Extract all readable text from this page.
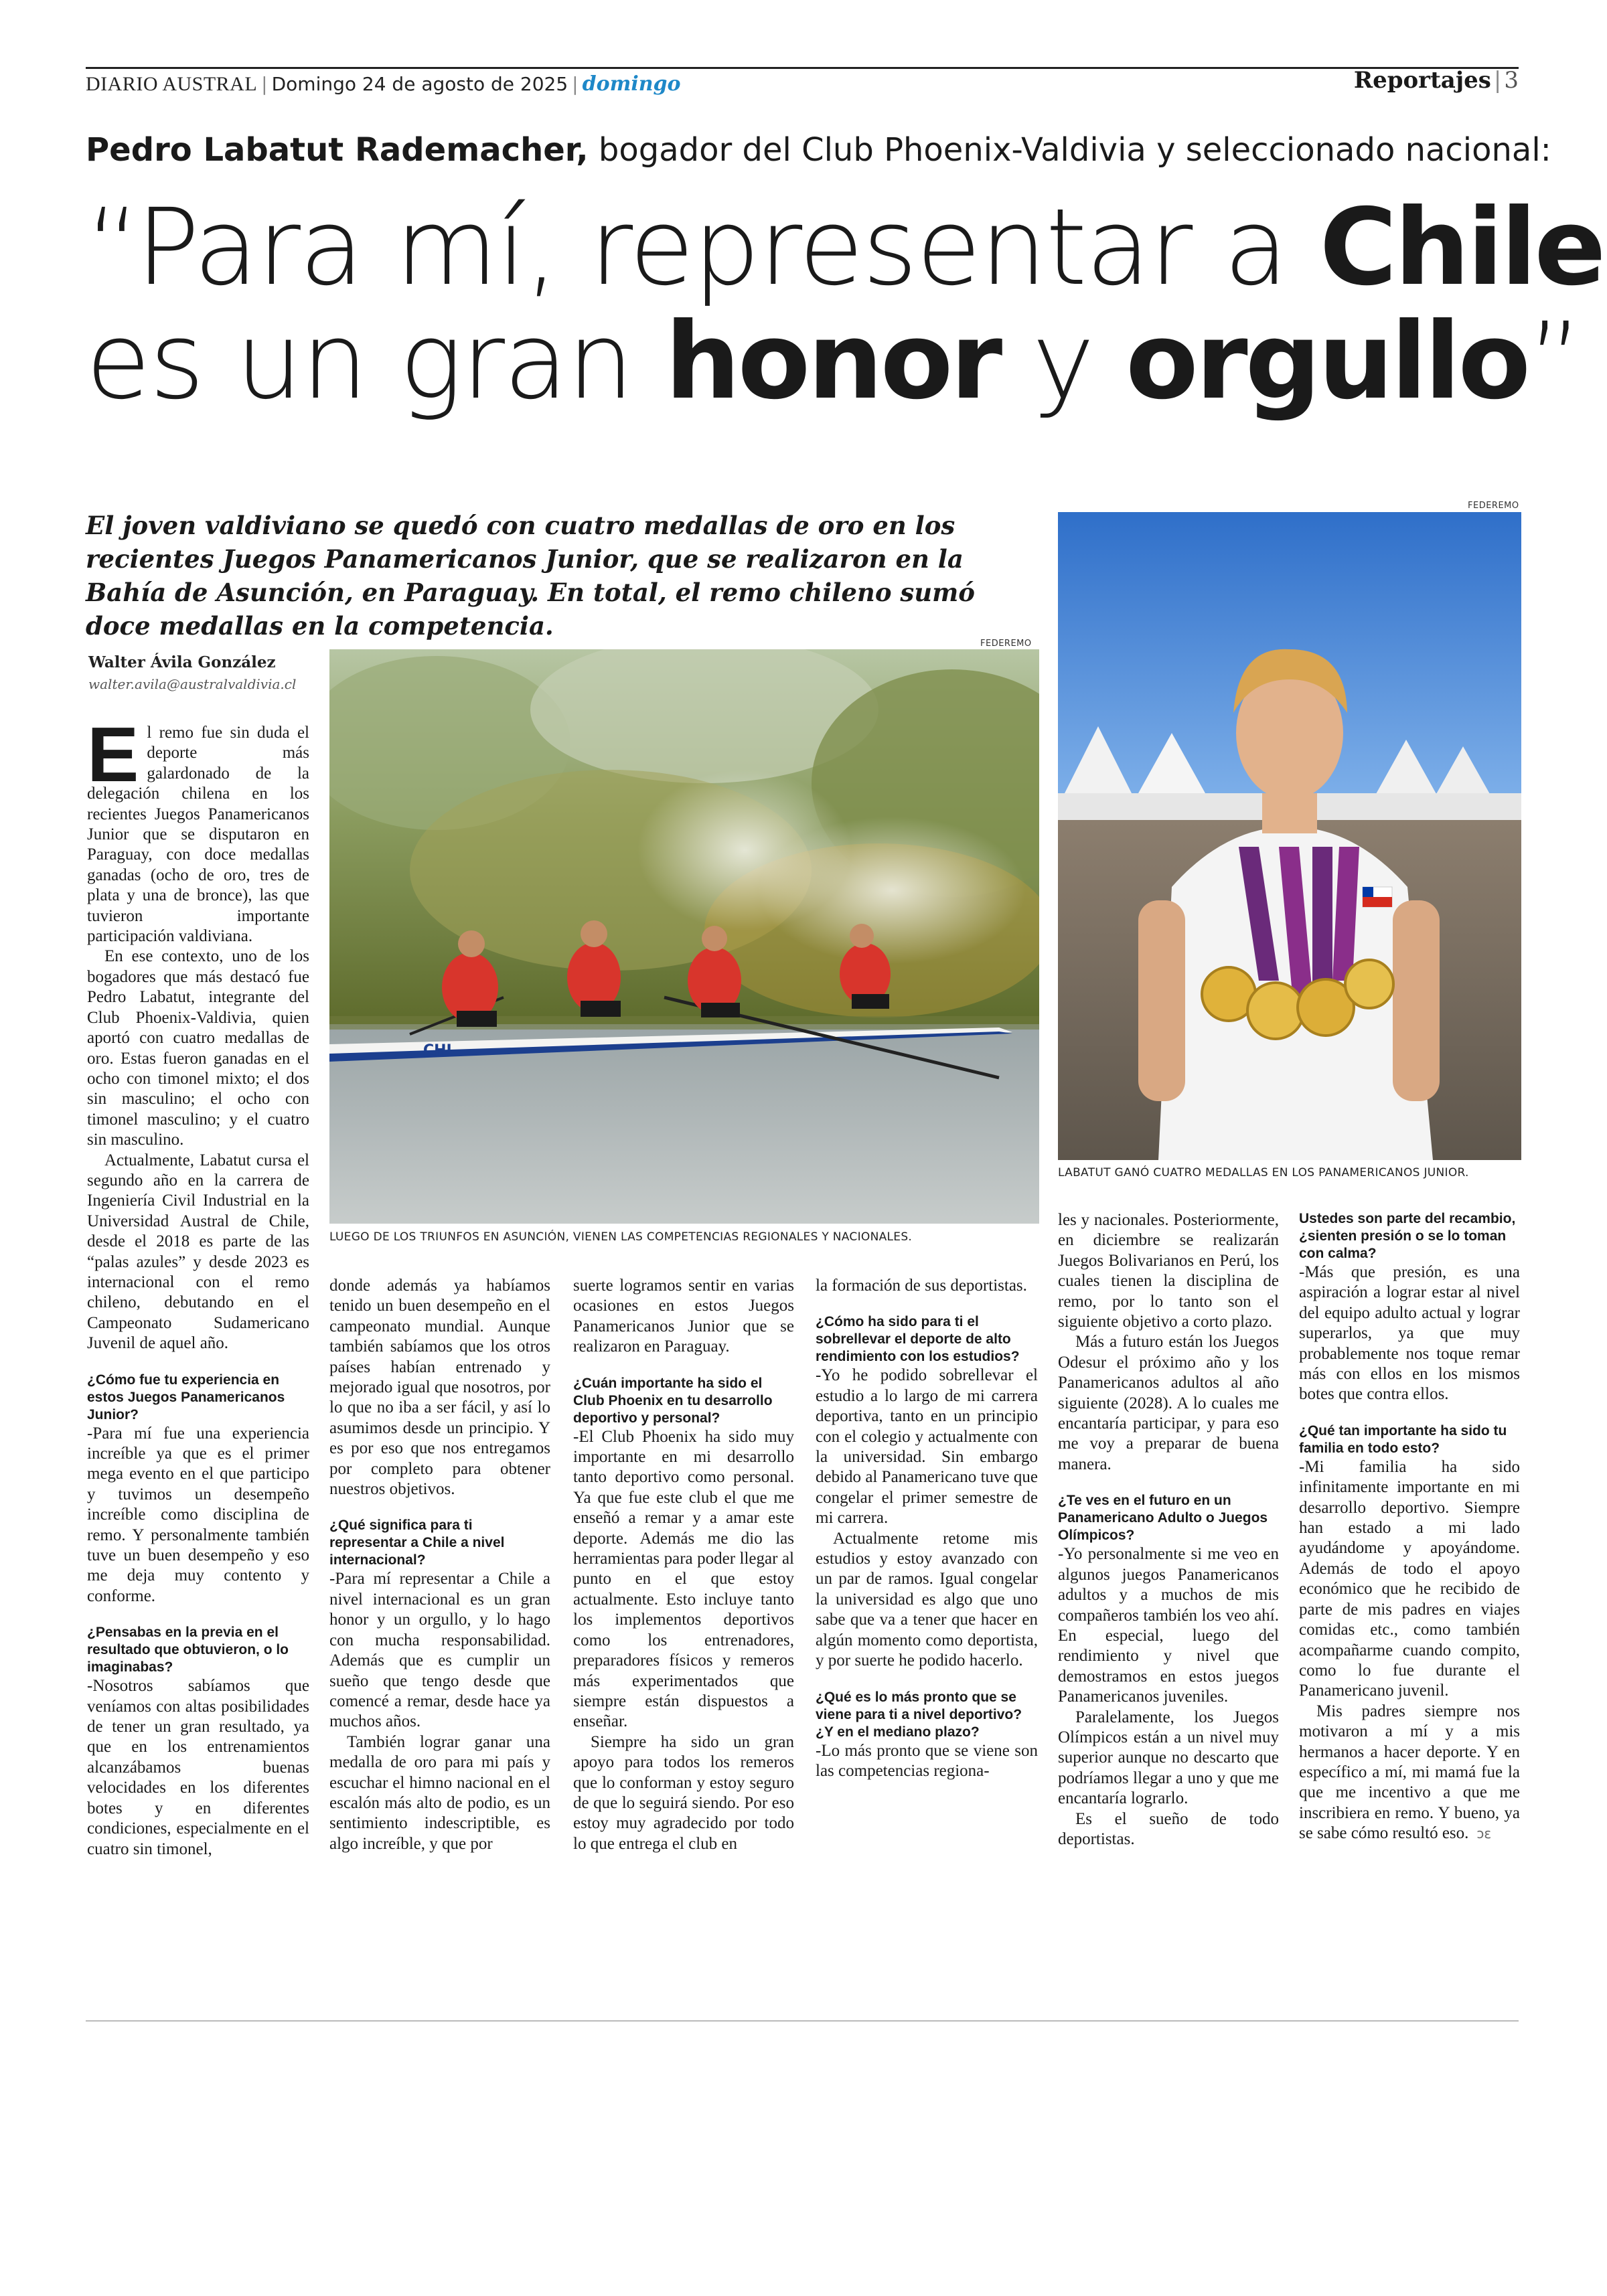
DIARIO AUSTRAL | Domingo 24 de agosto de 2025 | domingo	Reportajes | 3
Pedro Labatut Rademacher, bogador del Club Phoenix-Valdivia y seleccionado nacional:
“Para mí, representar a Chile
es un gran honor y orgullo”
El joven valdiviano se quedó con cuatro medallas de oro en los recientes Juegos Panamericanos Junior, que se realizaron en la Bahía de Asunción, en Paraguay. En total, el remo chileno sumó doce medallas en la competencia.
Walter Ávila González
walter.avila@australvaldivia.cl
FEDEREMO
CHI
LUEGO DE LOS TRIUNFOS EN ASUNCIÓN, VIENEN LAS COMPETENCIAS REGIONALES Y NACIONALES.
FEDEREMO
LABATUT GANÓ CUATRO MEDALLAS EN LOS PANAMERICANOS JUNIOR.

El remo fue sin duda el deporte más galardonado de la delegación chilena en los recientes Juegos Panamericanos Junior que se disputaron en Paraguay, con doce medallas ganadas (ocho de oro, tres de plata y una de bronce), las que tuvieron importante participación valdiviana.

En ese contexto, uno de los bogadores que más destacó fue Pedro Labatut, integrante del Club Phoenix-Valdivia, quien aportó con cuatro medallas de oro. Estas fueron ganadas en el ocho con timonel mixto; el dos sin masculino; el ocho con timonel masculino; y el cuatro sin masculino.

Actualmente, Labatut cursa el segundo año en la carrera de Ingeniería Civil Industrial en la Universidad Austral de Chile, desde el 2018 es parte de las “palas azules” y desde 2023 es internacional con el remo chileno, debutando en el Campeonato Sudamericano Juvenil de aquel año.

¿Cómo fue tu experiencia en estos Juegos Panamericanos Junior?

-Para mí fue una experiencia increíble ya que es el primer mega evento en el que participo y tuvimos un desempeño increíble como disciplina de remo. Y personalmente también tuve un buen desempeño y eso me deja muy contento y conforme.

¿Pensabas en la previa en el resultado que obtuvieron, o lo imaginabas?

-Nosotros sabíamos que veníamos con altas posibilidades de tener un gran resultado, ya que en los entrenamientos alcanzábamos buenas velocidades en los diferentes botes y en diferentes condiciones, especialmente en el cuatro sin timonel,

donde además ya habíamos tenido un buen desempeño en el campeonato mundial. Aunque también sabíamos que los otros países habían entrenado y mejorado igual que nosotros, por lo que no iba a ser fácil, y así lo asumimos desde un principio. Y es por eso que nos entregamos por completo para obtener nuestros objetivos.

¿Qué significa para ti representar a Chile a nivel internacional?

-Para mí representar a Chile a nivel internacional es un gran honor y un orgullo, y lo hago con mucha responsabilidad. Además que es cumplir un sueño que tengo desde que comencé a remar, desde hace ya muchos años.

También lograr ganar una medalla de oro para mi país y escuchar el himno nacional en el escalón más alto de podio, es un sentimiento indescriptible, es algo increíble, y que por

suerte logramos sentir en varias ocasiones en estos Juegos Panamericanos Junior que se realizaron en Paraguay.

¿Cuán importante ha sido el Club Phoenix en tu desarrollo deportivo y personal?

-El Club Phoenix ha sido muy importante en mi desarrollo tanto deportivo como personal. Ya que fue este club el que me enseñó a remar y a amar este deporte. Además me dio las herramientas para poder llegar al punto en el que estoy actualmente. Esto incluye tanto los implementos deportivos como los entrenadores, preparadores físicos y remeros más experimentados que siempre están dispuestos a enseñar.

Siempre ha sido un gran apoyo para todos los remeros que lo conforman y estoy seguro de que lo seguirá siendo. Por eso estoy muy agradecido por todo lo que entrega el club en

la formación de sus deportistas.

¿Cómo ha sido para ti el sobrellevar el deporte de alto rendimiento con los estudios?

-Yo he podido sobrellevar el estudio a lo largo de mi carrera deportiva, tanto en un principio con el colegio y actualmente con la universidad. Sin embargo debido al Panamericano tuve que congelar el primer semestre de mi carrera.

Actualmente retome mis estudios y estoy avanzado con un par de ramos. Igual congelar la universidad es algo que uno sabe que va a tener que hacer en algún momento como deportista, y por suerte he podido hacerlo.

¿Qué es lo más pronto que se viene para ti a nivel deportivo? ¿Y en el mediano plazo?

-Lo más pronto que se viene son las competencias regiona-

les y nacionales. Posteriormente, en diciembre se realizarán Juegos Bolivarianos en Perú, los cuales tienen la disciplina de remo, por lo tanto son el siguiente objetivo a corto plazo.

Más a futuro están los Juegos Odesur el próximo año y los Panamericanos adultos al año siguiente (2028). A lo cuales me encantaría participar, y para eso me voy a preparar de buena manera.

¿Te ves en el futuro en un Panamericano Adulto o Juegos Olímpicos?

-Yo personalmente si me veo en algunos juegos Panamericanos adultos y a muchos de mis compañeros también los veo ahí. En especial, luego del rendimiento y nivel que demostramos en estos juegos Panamericanos juveniles.

Paralelamente, los Juegos Olímpicos están a un nivel muy superior aunque no descarto que podríamos llegar a uno y que me encantaría lograrlo.

Es el sueño de todo deportistas.

Ustedes son parte del recambio, ¿sienten presión o se lo toman con calma?

-Más que presión, es una aspiración a lograr estar al nivel del equipo adulto actual y lograr superarlos, ya que muy probablemente nos toque remar más con ellos en los mismos botes que contra ellos.

¿Qué tan importante ha sido tu familia en todo esto?

-Mi familia ha sido infinitamente importante en mi desarrollo deportivo. Siempre han estado a mi lado ayudándome y apoyándome. Además de todo el apoyo económico que he recibido de parte de mis padres en viajes comidas etc., como también acompañarme cuando compito, como lo fue durante el Panamericano juvenil.

Mis padres siempre nos motivaron a mí y a mis hermanos a hacer deporte. Y en específico a mí, mi mamá fue la que me incentivo a que me inscribiera en remo. Y bueno, ya se sabe cómo resultó eso. ɔε
